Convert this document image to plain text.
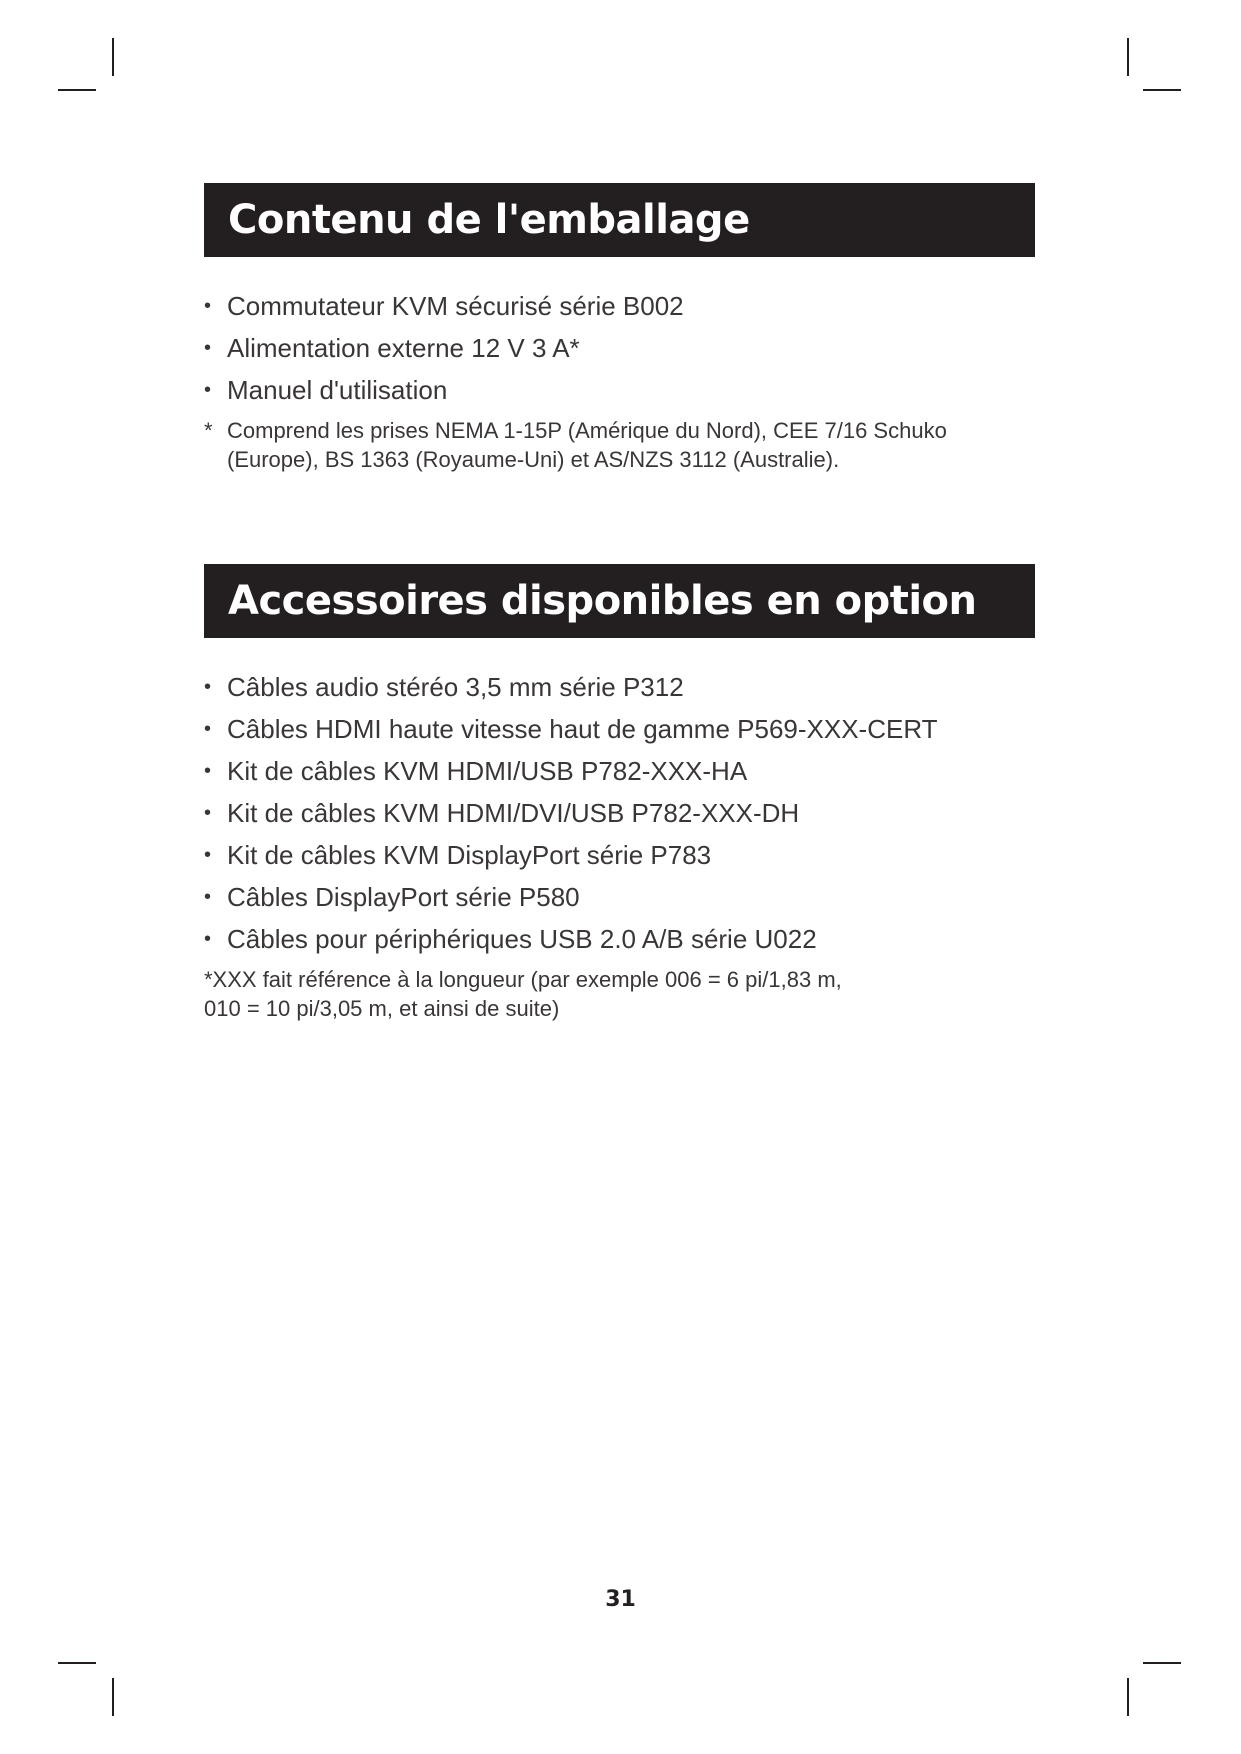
Contenu de l'emballage
• Commutateur KVM sécurisé série B002
• Alimentation externe 12 V 3 A*
• Manuel d'utilisation
* Comprend les prises NEMA 1-15P (Amérique du Nord), CEE 7/16 Schuko (Europe), BS 1363 (Royaume-Uni) et AS/NZS 3112 (Australie).
Accessoires disponibles en option
• Câbles audio stéréo 3,5 mm série P312
• Câbles HDMI haute vitesse haut de gamme P569-XXX-CERT
• Kit de câbles KVM HDMI/USB P782-XXX-HA
• Kit de câbles KVM HDMI/DVI/USB P782-XXX-DH
• Kit de câbles KVM DisplayPort série P783
• Câbles DisplayPort série P580
• Câbles pour périphériques USB 2.0 A/B série U022
*XXX fait référence à la longueur (par exemple 006 = 6 pi/1,83 m,
010 = 10 pi/3,05 m, et ainsi de suite)
31
